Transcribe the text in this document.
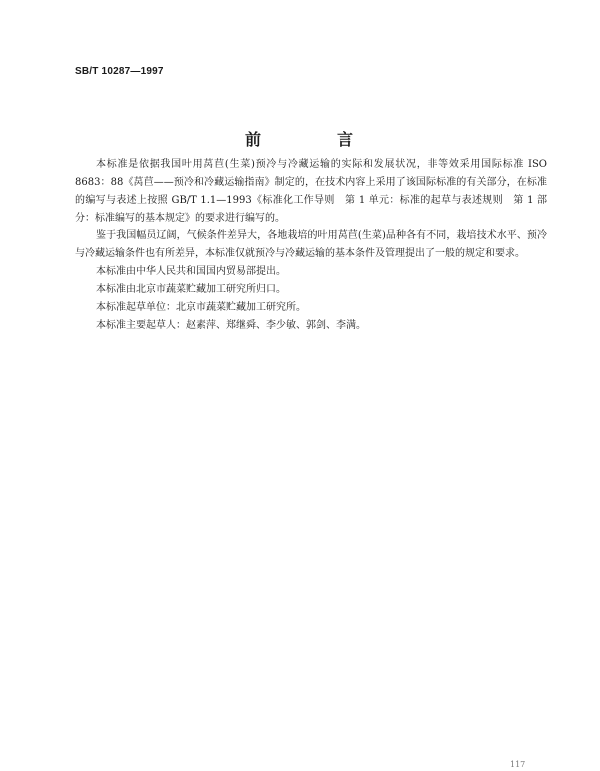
SB/T 10287—1997
前　言

本标准是依据我国叶用莴苣(生菜)预冷与冷藏运输的实际和发展状况，非等效采用国际标准 ISO 8683：88《莴苣——预冷和冷藏运输指南》制定的，在技术内容上采用了该国际标准的有关部分，在标准的编写与表述上按照 GB/T 1.1—1993《标准化工作导则　第 1 单元：标准的起草与表述规则　第 1 部分：标准编写的基本规定》的要求进行编写的。

鉴于我国幅员辽阔，气候条件差异大，各地栽培的叶用莴苣(生菜)品种各有不同，栽培技术水平、预冷与冷藏运输条件也有所差异，本标准仅就预冷与冷藏运输的基本条件及管理提出了一般的规定和要求。

本标准由中华人民共和国国内贸易部提出。
本标准由北京市蔬菜贮藏加工研究所归口。
本标准起草单位：北京市蔬菜贮藏加工研究所。
本标准主要起草人：赵素萍、郑继舜、李少敏、郭剑、李满。
117
